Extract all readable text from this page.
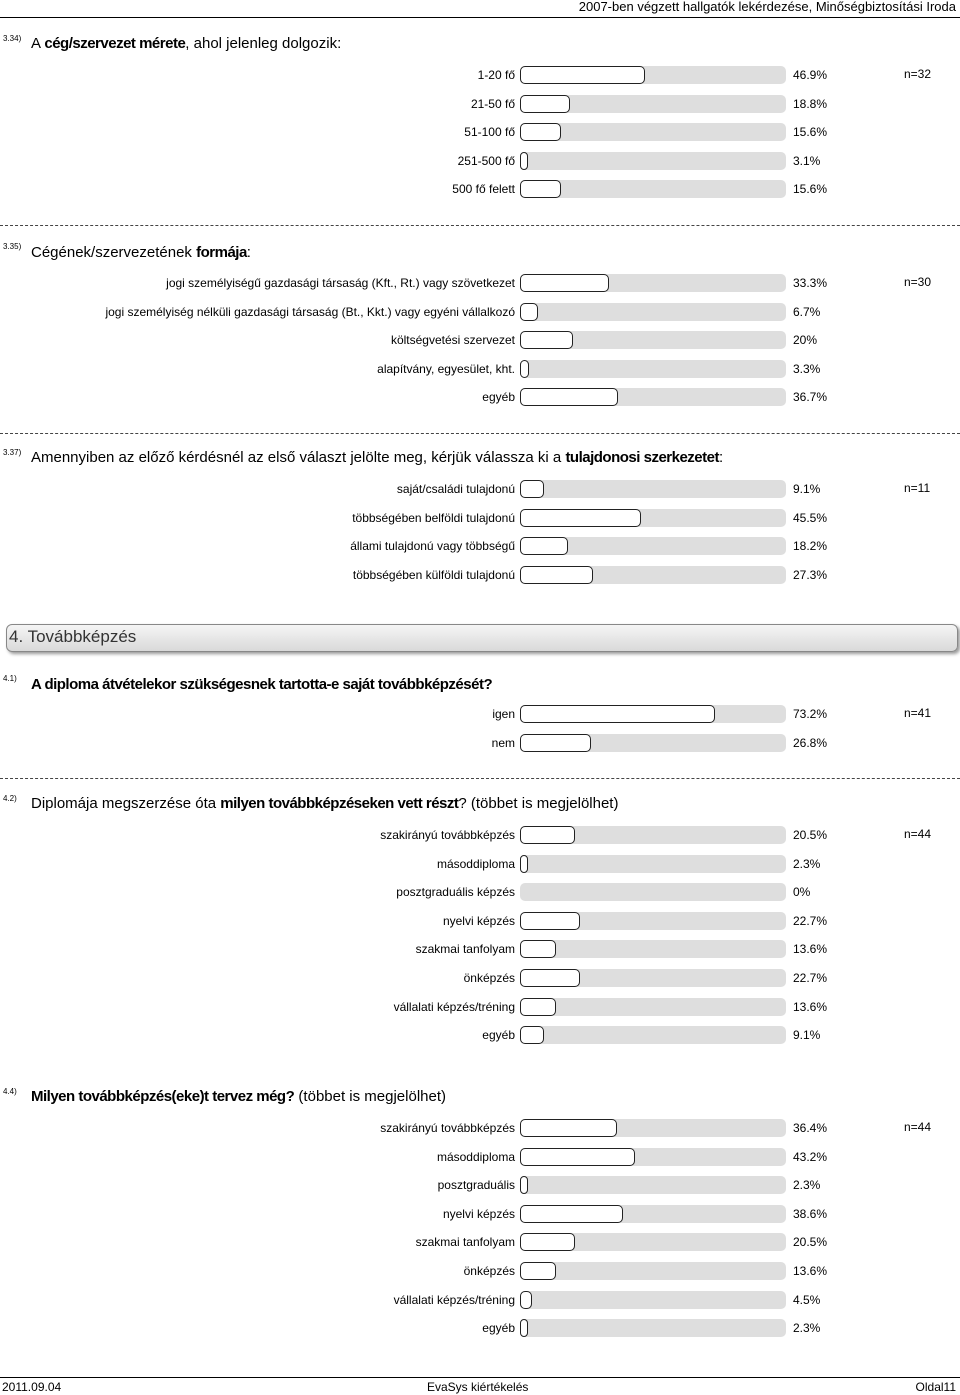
2007-ben végzett hallgatók lekérdezése, Minőségbiztosítási Iroda
3.34) A cég/szervezet mérete, ahol jelenleg dolgozik:
n=32
1-20 fő	46.9%
21-50 fő	18.8%
51-100 fő	15.6%
251-500 fő	3.1%
500 fő felett	15.6%
3.35) Cégének/szervezetének formája:
n=30
jogi személyiségű gazdasági társaság (Kft., Rt.) vagy szövetkezet	33.3%
jogi személyiség nélküli gazdasági társaság (Bt., Kkt.) vagy egyéni vállalkozó	6.7%
költségvetési szervezet	20%
alapítvány, egyesület, kht.	3.3%
egyéb	36.7%
3.37) Amennyiben az előző kérdésnél az első választ jelölte meg, kérjük válassza ki a tulajdonosi szerkezetet:
n=11
saját/családi tulajdonú	9.1%
többségében belföldi tulajdonú	45.5%
állami tulajdonú vagy többségű	18.2%
többségében külföldi tulajdonú	27.3%
4.1) A diploma átvételekor szükségesnek tartotta-e saját továbbképzését?
n=41
igen	73.2%
nem	26.8%
4.2) Diplomája megszerzése óta milyen továbbképzéseken vett részt? (többet is megjelölhet)
n=44
szakirányú továbbképzés	20.5%
másoddiploma	2.3%
posztgraduális képzés	0%
nyelvi képzés	22.7%
szakmai tanfolyam	13.6%
önképzés	22.7%
vállalati képzés/tréning	13.6%
egyéb	9.1%
4.4) Milyen továbbképzés(eke)t tervez még? (többet is megjelölhet)
n=44
szakirányú továbbképzés	36.4%
másoddiploma	43.2%
posztgraduális	2.3%
nyelvi képzés	38.6%
szakmai tanfolyam	20.5%
önképzés	13.6%
vállalati képzés/tréning	4.5%
egyéb	2.3%
4. Továbbképzés
2011.09.04	EvaSys kiértékelés	Oldal11
